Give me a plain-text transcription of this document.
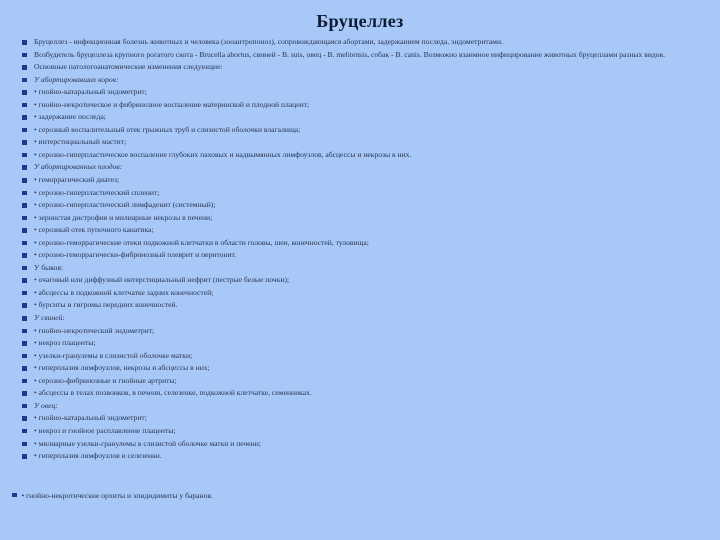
Бруцеллез
Бруцеллез - инфекционная болезнь животных и человека (зооантропоноз), сопровождающаяся абортами, задержанием последа, эндометритами.
Возбудитель бруцеллеза крупного рогатого скота - Brucella abortus, свиней - B. suis, овец - B. melitensis, собак - B. canis. Возможно взаимное инфицирование животных бруцеллами разных видов.
Основные патологоанатомические изменения следующие:
У абортировавших коров:
• гнойно-катаральный эндометрит;
• гнойно-некротическое и фибринозное воспаление материнской и плодной плацент;
• задержание последа;
• серозный воспалительный отек грыжных труб и слизистой оболочки влагалища;
• интерстициальный мастит;
• серозно-гиперпластическое воспаление глубоких паховых и надвымянных лимфоузлов, абсцессы и некрозы в них.
У абортированных плодов:
• геморрагический диатез;
• серозно-гиперпластический спленит;
• серозно-гиперпластический лимфаденит (системный);
• зернистая дистрофия и милиарные некрозы в печени;
• серозный отек пупочного канатика;
• серозно-геморрагические отеки подкожной клетчатки в области головы, шеи, конечностей, туловища;
• серозно-геморрагически-фибринозный плеврит и перитонит.
У быков:
• очаговый или диффузный интерстициальный нефрит (пестрые белые почки);
• абсцессы в подкожной клетчатке задних конечностей;
• бурситы и гигромы передних конечностей.
У свиней:
• гнойно-некротический эндометрит;
• некроз плаценты;
• узелки-гранулемы в слизистой оболочке матки;
• гиперплазия лимфоузлов, некрозы и абсцессы в них;
• серозно-фибринозные и гнойные артриты;
• абсцессы в телах позвонков, в печени, селезенке, подкожной клетчатке, семенниках.
У овец:
• гнойно-катаральный эндометрит;
• некроз и гнойное расплавление плаценты;
• милиарные узелки-гранулемы в слизистой оболочке матки и печени;
• гиперплазия лимфоузлов и селезенки.
• гнойно-некротические орхиты и эпидидимиты у баранов.
